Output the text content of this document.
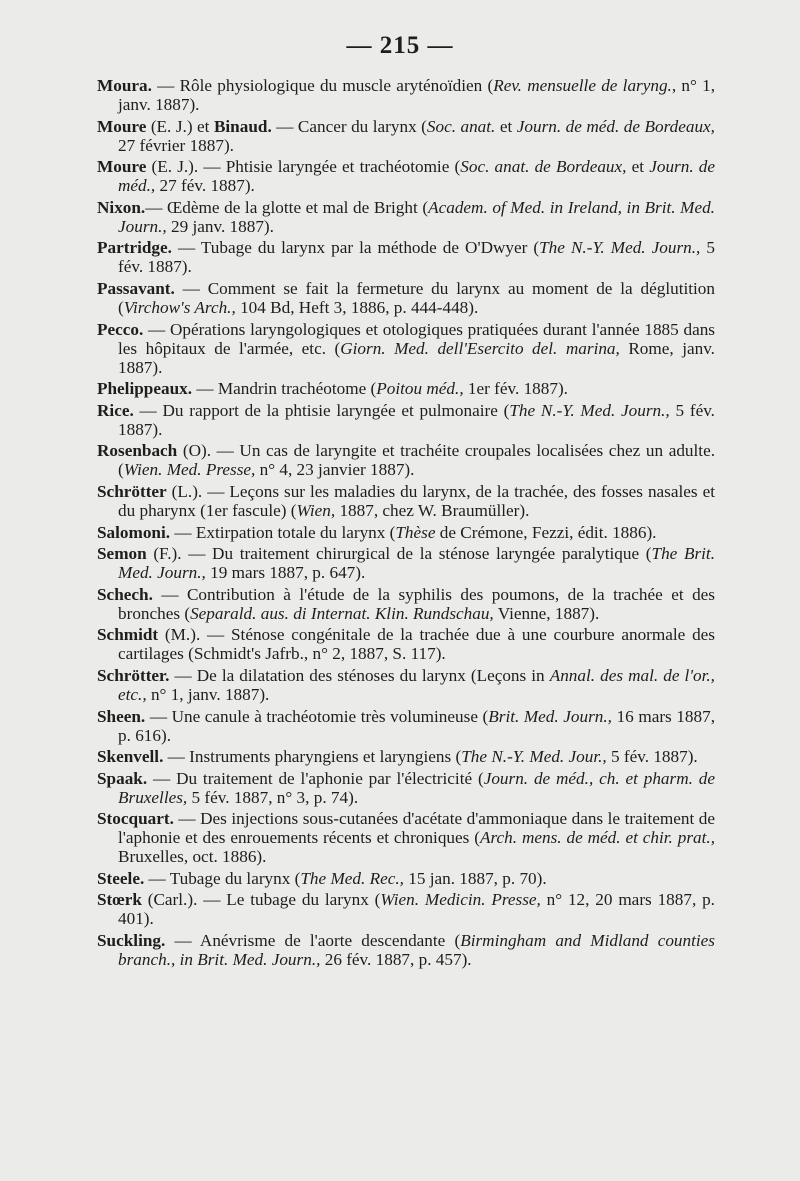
— 215 —
Moura. — Rôle physiologique du muscle aryténoïdien (Rev. mensuelle de laryng., n° 1, janv. 1887).
Moure (E. J.) et Binaud. — Cancer du larynx (Soc. anat. et Journ. de méd. de Bordeaux, 27 février 1887).
Moure (E. J.). — Phtisie laryngée et trachéotomie (Soc. anat. de Bordeaux, et Journ. de méd., 27 fév. 1887).
Nixon.— Œdème de la glotte et mal de Bright (Academ. of Med. in Ireland, in Brit. Med. Journ., 29 janv. 1887).
Partridge. — Tubage du larynx par la méthode de O'Dwyer (The N.-Y. Med. Journ., 5 fév. 1887).
Passavant. — Comment se fait la fermeture du larynx au moment de la déglutition (Virchow's Arch., 104 Bd, Heft 3, 1886, p. 444-448).
Pecco. — Opérations laryngologiques et otologiques pratiquées durant l'année 1885 dans les hôpitaux de l'armée, etc. (Giorn. Med. dell'Esercito del. marina, Rome, janv. 1887).
Phelippeaux. — Mandrin trachéotome (Poitou méd., 1er fév. 1887).
Rice. — Du rapport de la phtisie laryngée et pulmonaire (The N.-Y. Med. Journ., 5 fév. 1887).
Rosenbach (O). — Un cas de laryngite et trachéite croupales localisées chez un adulte. (Wien. Med. Presse, n° 4, 23 janvier 1887).
Schrötter (L.). — Leçons sur les maladies du larynx, de la trachée, des fosses nasales et du pharynx (1er fascule) (Wien, 1887, chez W. Braumüller).
Salomoni. — Extirpation totale du larynx (Thèse de Crémone, Fezzi, édit. 1886).
Semon (F.). — Du traitement chirurgical de la sténose laryngée paralytique (The Brit. Med. Journ., 19 mars 1887, p. 647).
Schech. — Contribution à l'étude de la syphilis des poumons, de la trachée et des bronches (Separald. aus. di Internat. Klin. Rundschau, Vienne, 1887).
Schmidt (M.). — Sténose congénitale de la trachée due à une courbure anormale des cartilages (Schmidt's Jafrb., n° 2, 1887, S. 117).
Schrötter. — De la dilatation des sténoses du larynx (Leçons in Annal. des mal. de l'or., etc., n° 1, janv. 1887).
Sheen. — Une canule à trachéotomie très volumineuse (Brit. Med. Journ., 16 mars 1887, p. 616).
Skenvell. — Instruments pharyngiens et laryngiens (The N.-Y. Med. Jour., 5 fév. 1887).
Spaak. — Du traitement de l'aphonie par l'électricité (Journ. de méd., ch. et pharm. de Bruxelles, 5 fév. 1887, n° 3, p. 74).
Stocquart. — Des injections sous-cutanées d'acétate d'ammoniaque dans le traitement de l'aphonie et des enrouements récents et chroniques (Arch. mens. de méd. et chir. prat., Bruxelles, oct. 1886).
Steele. — Tubage du larynx (The Med. Rec., 15 jan. 1887, p. 70).
Stœrk (Carl.). — Le tubage du larynx (Wien. Medicin. Presse, n° 12, 20 mars 1887, p. 401).
Suckling. — Anévrisme de l'aorte descendante (Birmingham and Midland counties branch., in Brit. Med. Journ., 26 fév. 1887, p. 457).
